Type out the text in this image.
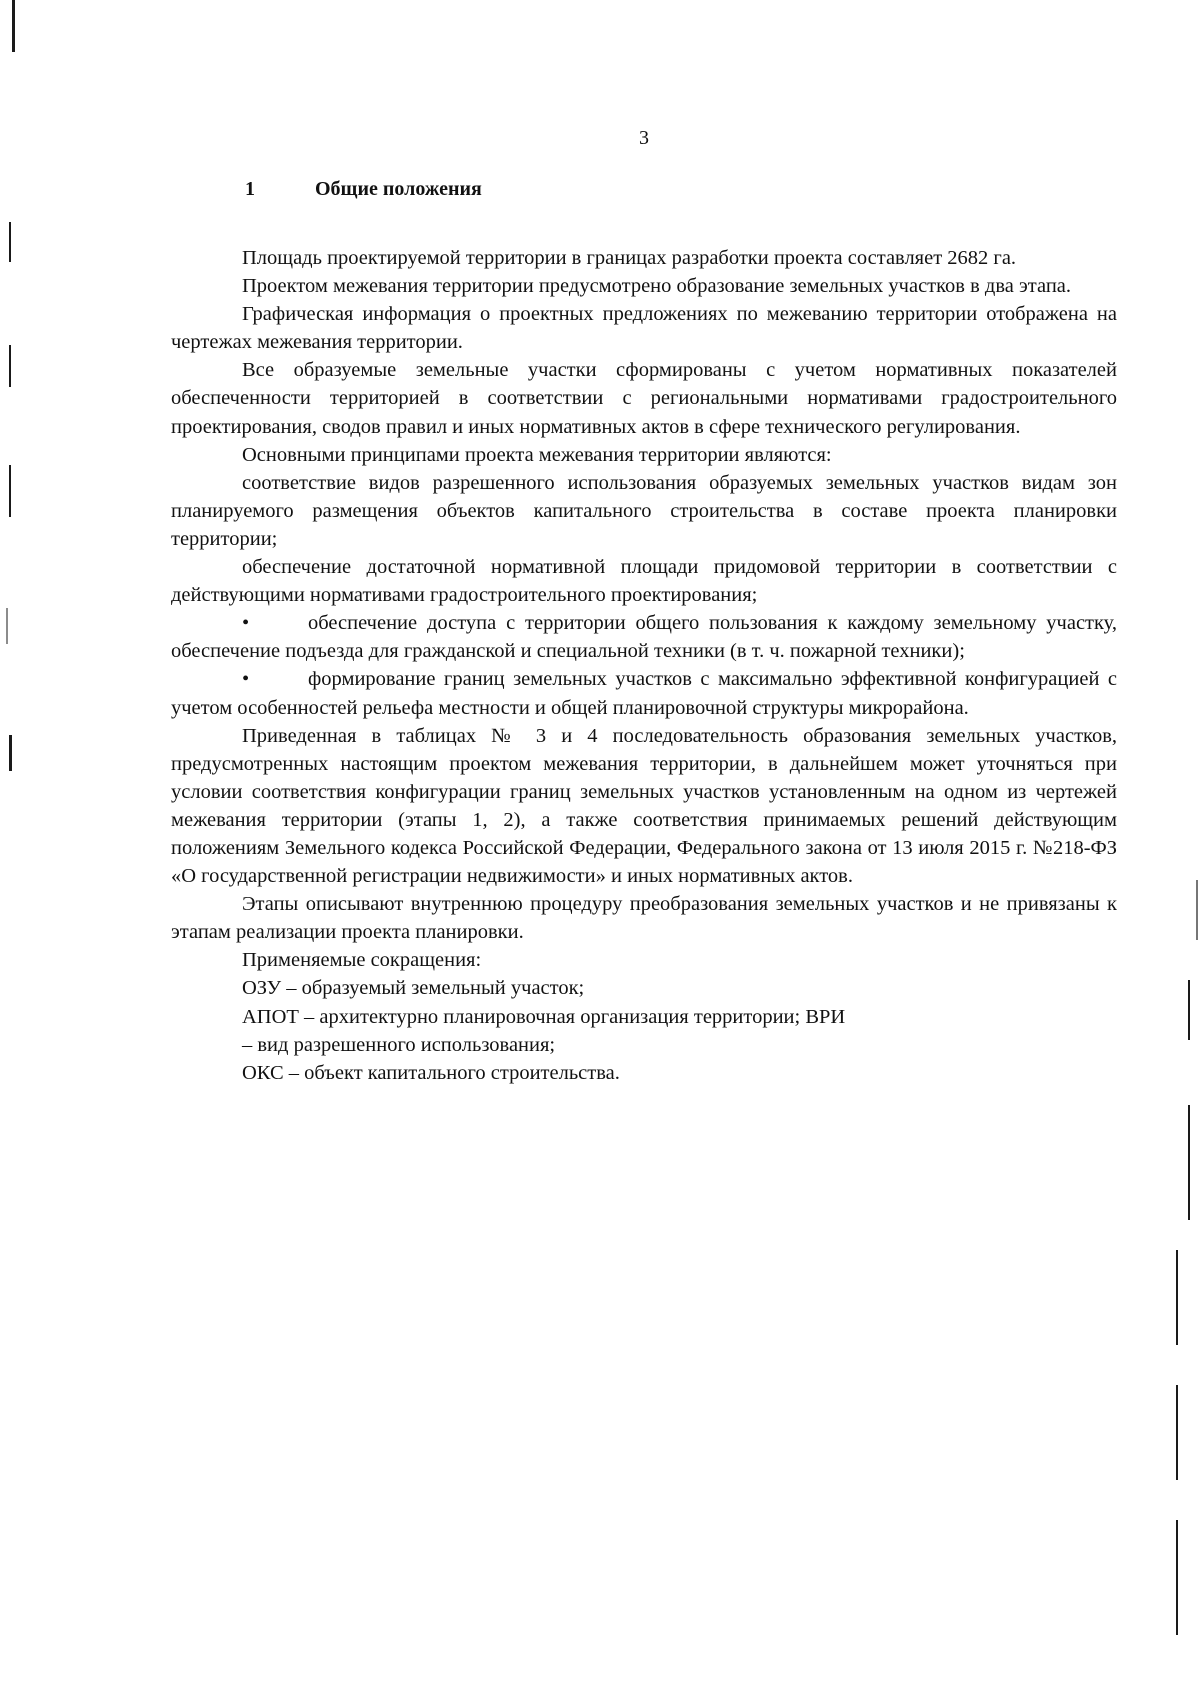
3
1	Общие положения

Площадь проектируемой территории в границах разработки проекта составляет 2682 га.

Проектом межевания территории предусмотрено образование земельных участков в два этапа.

Графическая информация о проектных предложениях по межеванию территории отображена на чертежах межевания территории.

Все образуемые земельные участки сформированы с учетом нормативных показателей обеспеченности территорией в соответствии с региональными нормативами градостроительного проектирования, сводов правил и иных нормативных актов в сфере технического регулирования.

Основными принципами проекта межевания территории являются:

соответствие видов разрешенного использования образуемых земельных участков видам зон планируемого размещения объектов капитального строительства в составе проекта планировки территории;

обеспечение достаточной нормативной площади придомовой территории в соответствии с действующими нормативами градостроительного проектирования;

•	обеспечение доступа с территории общего пользования к каждому земельному участку, обеспечение подъезда для гражданской и специальной техники (в т. ч. пожарной техники);

•	формирование границ земельных участков с максимально эффективной конфигурацией с учетом особенностей рельефа местности и общей планировочной структуры микрорайона.

Приведенная в таблицах № 3 и 4 последовательность образования земельных участков, предусмотренных настоящим проектом межевания территории, в дальнейшем может уточняться при условии соответствия конфигурации границ земельных участков установленным на одном из чертежей межевания территории (этапы 1, 2), а также соответствия принимаемых решений действующим положениям Земельного кодекса Российской Федерации, Федерального закона от 13 июля 2015 г. №218-ФЗ «О государственной регистрации недвижимости» и иных нормативных актов.

Этапы описывают внутреннюю процедуру преобразования земельных участков и не привязаны к этапам реализации проекта планировки.

Применяемые сокращения:

ОЗУ – образуемый земельный участок;

АПОТ – архитектурно планировочная организация территории; ВРИ

– вид разрешенного использования;

ОКС – объект капитального строительства.
